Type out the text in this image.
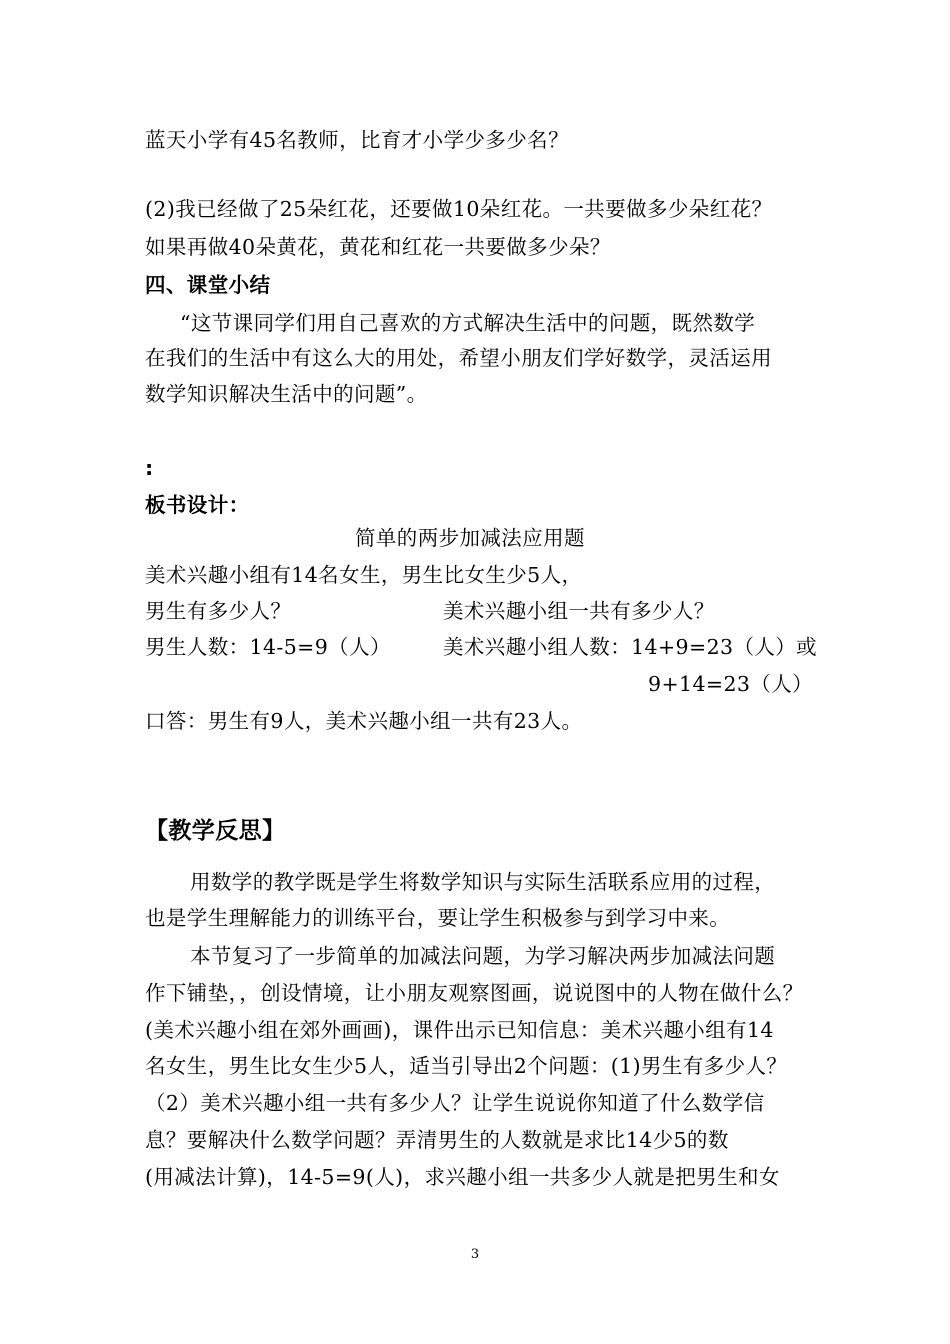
蓝天小学有45名教师，比育才小学少多少名？
(2)我已经做了25朵红花，还要做10朵红花。一共要做多少朵红花？
如果再做40朵黄花，黄花和红花一共要做多少朵？
四、课堂小结
“这节课同学们用自己喜欢的方式解决生活中的问题，既然数学
在我们的生活中有这么大的用处，希望小朋友们学好数学，灵活运用
数学知识解决生活中的问题”。
:
板书设计：
简单的两步加减法应用题
美术兴趣小组有14名女生，男生比女生少5人，
男生有多少人？	美术兴趣小组一共有多少人？
男生人数：14-5=9（人）	美术兴趣小组人数：14+9=23（人）或
9+14=23（人）
口答：男生有9人，美术兴趣小组一共有23人。
【教学反思】
用数学的教学既是学生将数学知识与实际生活联系应用的过程，
也是学生理解能力的训练平台，要让学生积极参与到学习中来。
本节复习了一步简单的加减法问题，为学习解决两步加减法问题
作下铺垫，，创设情境，让小朋友观察图画，说说图中的人物在做什么？
(美术兴趣小组在郊外画画)，课件出示已知信息：美术兴趣小组有14
名女生，男生比女生少5人，适当引导出2个问题：(1)男生有多少人？
（2）美术兴趣小组一共有多少人？让学生说说你知道了什么数学信
息？要解决什么数学问题？弄清男生的人数就是求比14少5的数
(用减法计算)，14-5=9(人)，求兴趣小组一共多少人就是把男生和女
3
